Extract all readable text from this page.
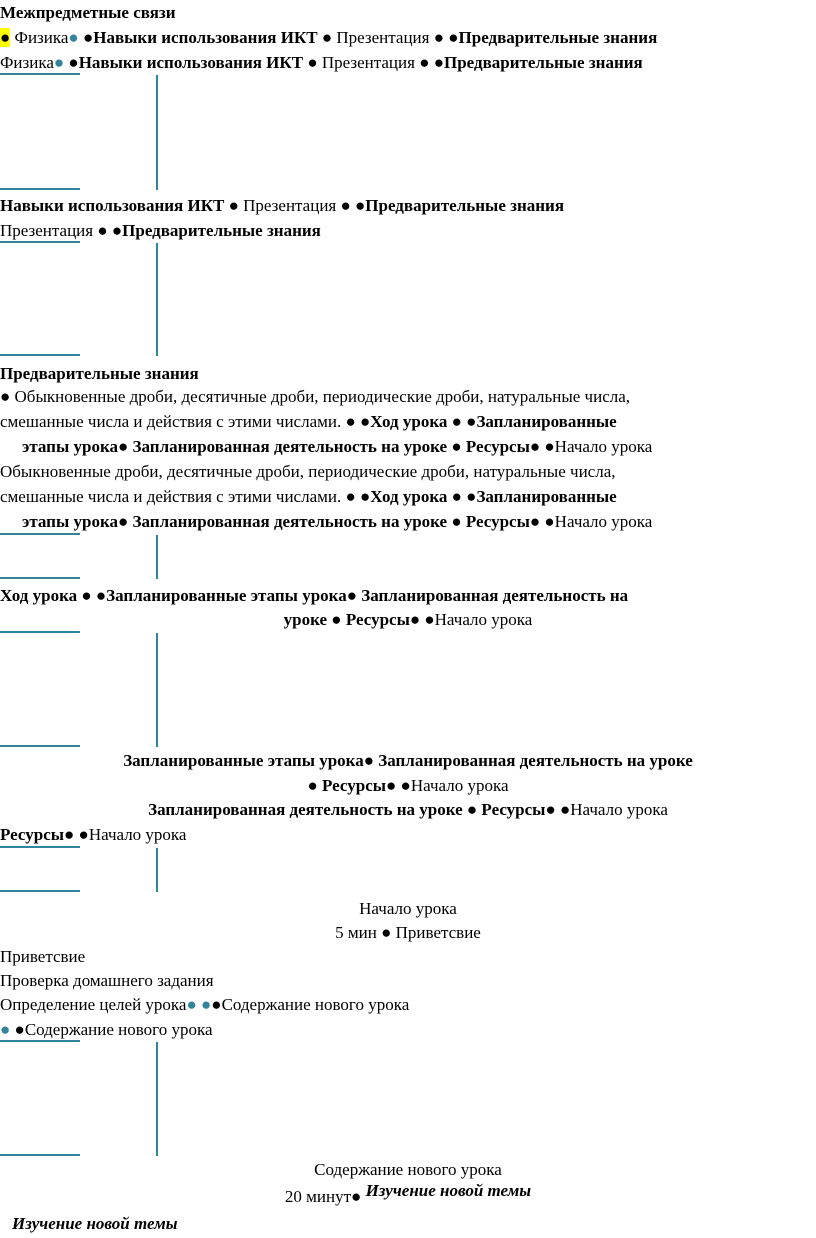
Межпредметные связи
● Физика● ●Навыки использования ИКТ ● Презентация ● ●Предварительные знания
Физика● ●Навыки использования ИКТ ● Презентация ● ●Предварительные знания
Навыки использования ИКТ ● Презентация ● ●Предварительные знания
Презентация ● ●Предварительные знания
Предварительные знания
● Обыкновенные дроби, десятичные дроби, периодические дроби, натуральные числа,
смешанные числа и действия с этими числами. ● ●Ход урока ● ●Запланированные
этапы урока● Запланированная деятельность на уроке ● Ресурсы● ●Начало урока
Обыкновенные дроби, десятичные дроби, периодические дроби, натуральные числа,
смешанные числа и действия с этими числами. ● ●Ход урока ● ●Запланированные
этапы урока● Запланированная деятельность на уроке ● Ресурсы● ●Начало урока
Ход урока ● ●Запланированные этапы урока● Запланированная деятельность на
уроке ● Ресурсы● ●Начало урока
Запланированные этапы урока● Запланированная деятельность на уроке
● Ресурсы● ●Начало урока
Запланированная деятельность на уроке ● Ресурсы● ●Начало урока
Ресурсы● ●Начало урока
Начало урока
5 мин ● Приветсвие
Приветсвие
Проверка домашнего задания
Определение целей урока● ●●Содержание нового урока
● ●Содержание нового урока
Содержание нового урока
20 минут● Изучение новой темы
Изучение новой темы
